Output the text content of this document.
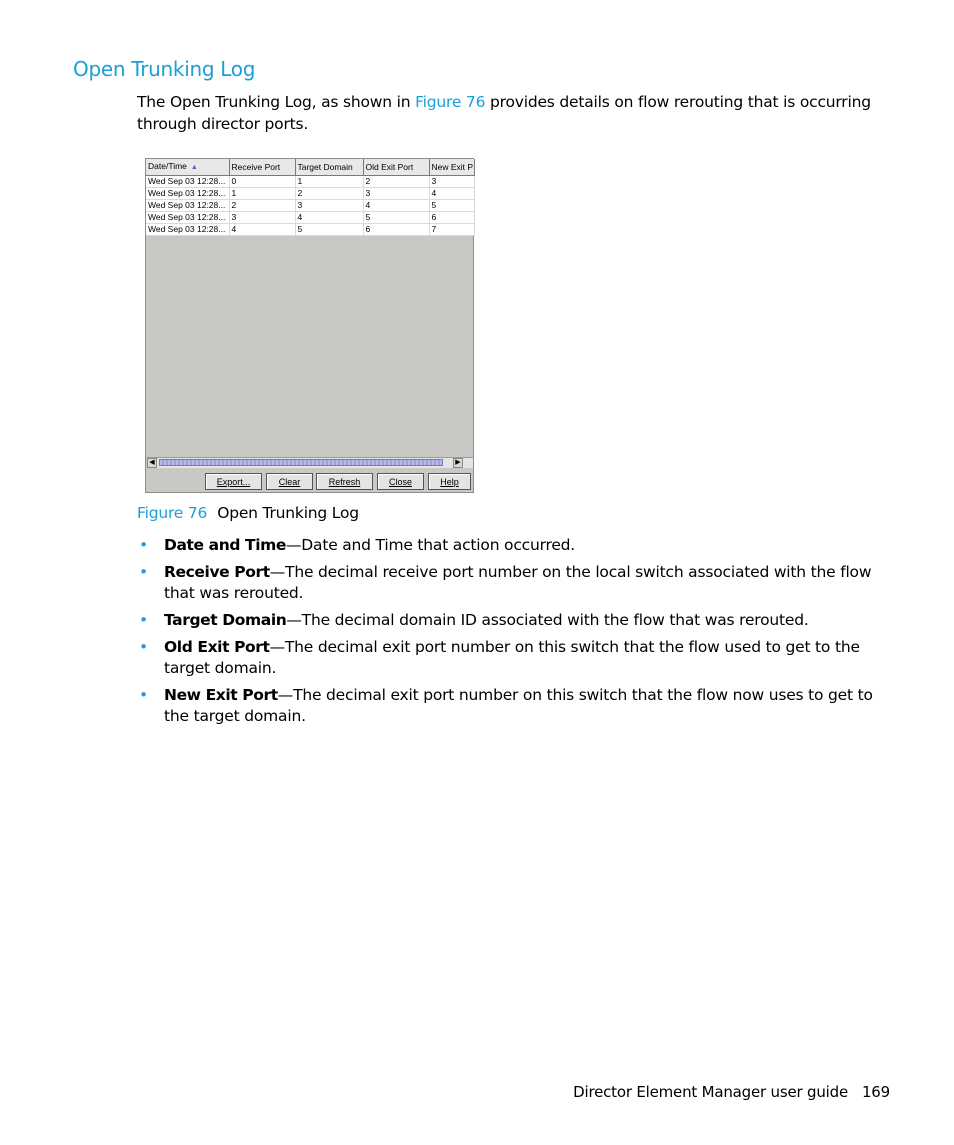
Open Trunking Log

The Open Trunking Log, as shown in Figure 76 provides details on flow rerouting that is occurring through director ports.

Date/Time ▲	Receive Port	Target Domain	Old Exit Port	New Exit P
Wed Sep 03 12:28...	0	1	2	3
Wed Sep 03 12:28...	1	2	3	4
Wed Sep 03 12:28...	2	3	4	5
Wed Sep 03 12:28...	3	4	5	6
Wed Sep 03 12:28...	4	5	6	7
◀	▶
Export...	Clear	Refresh	Close	Help
Figure 76 Open Trunking Log
• Date and Time—Date and Time that action occurred.
• Receive Port—The decimal receive port number on the local switch associated with the flow that was rerouted.
• Target Domain—The decimal domain ID associated with the flow that was rerouted.
• Old Exit Port—The decimal exit port number on this switch that the flow used to get to the target domain.
• New Exit Port—The decimal exit port number on this switch that the flow now uses to get to the target domain.
Director Element Manager user guide 169
